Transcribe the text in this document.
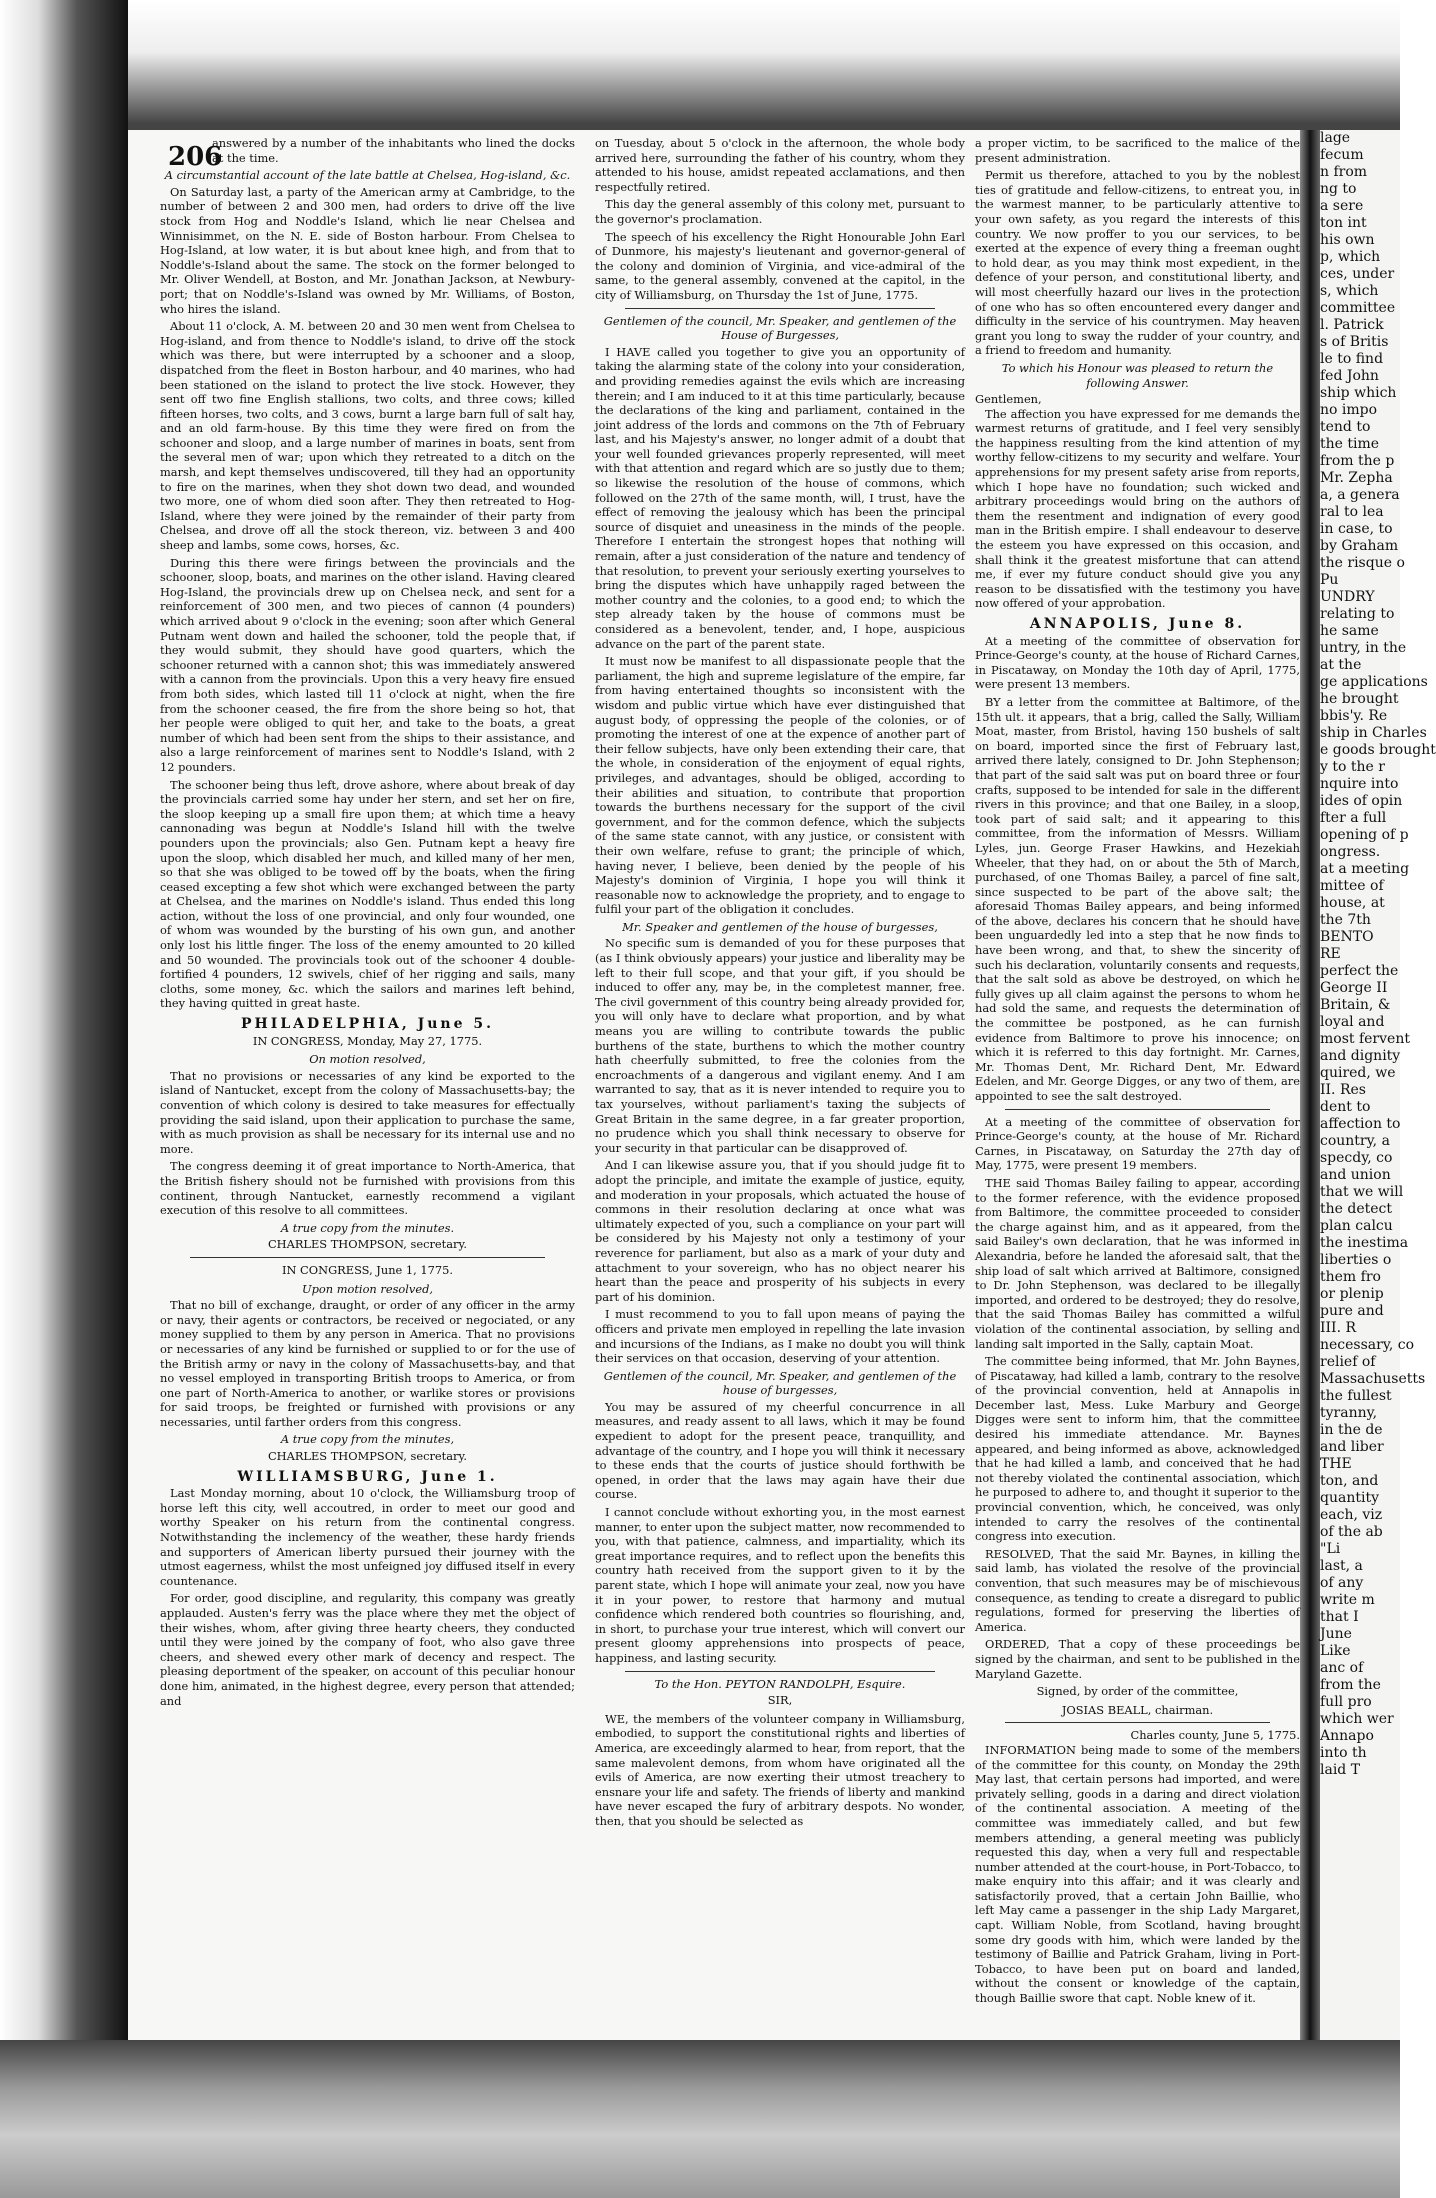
206

answered by a number of the inhabitants who lined the docks at the time.

A circumstantial account of the late battle at Chelsea, Hog-island, &c.

On Saturday last, a party of the American army at Cambridge, to the number of between 2 and 300 men, had orders to drive off the live stock from Hog and Noddle's Island, which lie near Chelsea and Winnisimmet, on the N. E. side of Boston harbour. From Chelsea to Hog-Island, at low water, it is but about knee high, and from that to Noddle's-Island about the same. The stock on the former belonged to Mr. Oliver Wendell, at Boston, and Mr. Jonathan Jackson, at Newbury-port; that on Noddle's-Island was owned by Mr. Williams, of Boston, who hires the island.

About 11 o'clock, A. M. between 20 and 30 men went from Chelsea to Hog-island, and from thence to Noddle's island, to drive off the stock which was there, but were interrupted by a schooner and a sloop, dispatched from the fleet in Boston harbour, and 40 marines, who had been stationed on the island to protect the live stock. However, they sent off two fine English stallions, two colts, and three cows; killed fifteen horses, two colts, and 3 cows, burnt a large barn full of salt hay, and an old farm-house. By this time they were fired on from the schooner and sloop, and a large number of marines in boats, sent from the several men of war; upon which they retreated to a ditch on the marsh, and kept themselves undiscovered, till they had an opportunity to fire on the marines, when they shot down two dead, and wounded two more, one of whom died soon after. They then retreated to Hog-Island, where they were joined by the remainder of their party from Chelsea, and drove off all the stock thereon, viz. between 3 and 400 sheep and lambs, some cows, horses, &c.

During this there were firings between the provincials and the schooner, sloop, boats, and marines on the other island. Having cleared Hog-Island, the provincials drew up on Chelsea neck, and sent for a reinforcement of 300 men, and two pieces of cannon (4 pounders) which arrived about 9 o'clock in the evening; soon after which General Putnam went down and hailed the schooner, told the people that, if they would submit, they should have good quarters, which the schooner returned with a cannon shot; this was immediately answered with a cannon from the provincials. Upon this a very heavy fire ensued from both sides, which lasted till 11 o'clock at night, when the fire from the schooner ceased, the fire from the shore being so hot, that her people were obliged to quit her, and take to the boats, a great number of which had been sent from the ships to their assistance, and also a large reinforcement of marines sent to Noddle's Island, with 2 12 pounders.

The schooner being thus left, drove ashore, where about break of day the provincials carried some hay under her stern, and set her on fire, the sloop keeping up a small fire upon them; at which time a heavy cannonading was begun at Noddle's Island hill with the twelve pounders upon the provincials; also Gen. Putnam kept a heavy fire upon the sloop, which disabled her much, and killed many of her men, so that she was obliged to be towed off by the boats, when the firing ceased excepting a few shot which were exchanged between the party at Chelsea, and the marines on Noddle's island. Thus ended this long action, without the loss of one provincial, and only four wounded, one of whom was wounded by the bursting of his own gun, and another only lost his little finger. The loss of the enemy amounted to 20 killed and 50 wounded. The provincials took out of the schooner 4 double-fortified 4 pounders, 12 swivels, chief of her rigging and sails, many cloths, some money, &c. which the sailors and marines left behind, they having quitted in great haste.

PHILADELPHIA, June 5.
IN CONGRESS, Monday, May 27, 1775.
On motion resolved,

That no provisions or necessaries of any kind be exported to the island of Nantucket, except from the colony of Massachusetts-bay; the convention of which colony is desired to take measures for effectually providing the said island, upon their application to purchase the same, with as much provision as shall be necessary for its internal use and no more.

The congress deeming it of great importance to North-America, that the British fishery should not be furnished with provisions from this continent, through Nantucket, earnestly recommend a vigilant execution of this resolve to all committees.

A true copy from the minutes.
CHARLES THOMPSON, secretary.
IN CONGRESS, June 1, 1775.
Upon motion resolved,

That no bill of exchange, draught, or order of any officer in the army or navy, their agents or contractors, be received or negociated, or any money supplied to them by any person in America. That no provisions or necessaries of any kind be furnished or supplied to or for the use of the British army or navy in the colony of Massachusetts-bay, and that no vessel employed in transporting British troops to America, or from one part of North-America to another, or warlike stores or provisions for said troops, be freighted or furnished with provisions or any necessaries, until farther orders from this congress.

A true copy from the minutes,
CHARLES THOMPSON, secretary.
WILLIAMSBURG, June 1.

Last Monday morning, about 10 o'clock, the Williamsburg troop of horse left this city, well accoutred, in order to meet our good and worthy Speaker on his return from the continental congress. Notwithstanding the inclemency of the weather, these hardy friends and supporters of American liberty pursued their journey with the utmost eagerness, whilst the most unfeigned joy diffused itself in every countenance.

For order, good discipline, and regularity, this company was greatly applauded. Austen's ferry was the place where they met the object of their wishes, whom, after giving three hearty cheers, they conducted until they were joined by the company of foot, who also gave three cheers, and shewed every other mark of decency and respect. The pleasing deportment of the speaker, on account of this peculiar honour done him, animated, in the highest degree, every person that attended; and

on Tuesday, about 5 o'clock in the afternoon, the whole body arrived here, surrounding the father of his country, whom they attended to his house, amidst repeated acclamations, and then respectfully retired.

This day the general assembly of this colony met, pursuant to the governor's proclamation.

The speech of his excellency the Right Honourable John Earl of Dunmore, his majesty's lieutenant and governor-general of the colony and dominion of Virginia, and vice-admiral of the same, to the general assembly, convened at the capitol, in the city of Williamsburg, on Thursday the 1st of June, 1775.

Gentlemen of the council, Mr. Speaker, and gentlemen of the House of Burgesses,

I HAVE called you together to give you an opportunity of taking the alarming state of the colony into your consideration, and providing remedies against the evils which are increasing therein; and I am induced to it at this time particularly, because the declarations of the king and parliament, contained in the joint address of the lords and commons on the 7th of February last, and his Majesty's answer, no longer admit of a doubt that your well founded grievances properly represented, will meet with that attention and regard which are so justly due to them; so likewise the resolution of the house of commons, which followed on the 27th of the same month, will, I trust, have the effect of removing the jealousy which has been the principal source of disquiet and uneasiness in the minds of the people. Therefore I entertain the strongest hopes that nothing will remain, after a just consideration of the nature and tendency of that resolution, to prevent your seriously exerting yourselves to bring the disputes which have unhappily raged between the mother country and the colonies, to a good end; to which the step already taken by the house of commons must be considered as a benevolent, tender, and, I hope, auspicious advance on the part of the parent state.

It must now be manifest to all dispassionate people that the parliament, the high and supreme legislature of the empire, far from having entertained thoughts so inconsistent with the wisdom and public virtue which have ever distinguished that august body, of oppressing the people of the colonies, or of promoting the interest of one at the expence of another part of their fellow subjects, have only been extending their care, that the whole, in consideration of the enjoyment of equal rights, privileges, and advantages, should be obliged, according to their abilities and situation, to contribute that proportion towards the burthens necessary for the support of the civil government, and for the common defence, which the subjects of the same state cannot, with any justice, or consistent with their own welfare, refuse to grant; the principle of which, having never, I believe, been denied by the people of his Majesty's dominion of Virginia, I hope you will think it reasonable now to acknowledge the propriety, and to engage to fulfil your part of the obligation it concludes.

Mr. Speaker and gentlemen of the house of burgesses,

No specific sum is demanded of you for these purposes that (as I think obviously appears) your justice and liberality may be left to their full scope, and that your gift, if you should be induced to offer any, may be, in the completest manner, free. The civil government of this country being already provided for, you will only have to declare what proportion, and by what means you are willing to contribute towards the public burthens of the state, burthens to which the mother country hath cheerfully submitted, to free the colonies from the encroachments of a dangerous and vigilant enemy. And I am warranted to say, that as it is never intended to require you to tax yourselves, without parliament's taxing the subjects of Great Britain in the same degree, in a far greater proportion, no prudence which you shall think necessary to observe for your security in that particular can be disapproved of.

And I can likewise assure you, that if you should judge fit to adopt the principle, and imitate the example of justice, equity, and moderation in your proposals, which actuated the house of commons in their resolution declaring at once what was ultimately expected of you, such a compliance on your part will be considered by his Majesty not only a testimony of your reverence for parliament, but also as a mark of your duty and attachment to your sovereign, who has no object nearer his heart than the peace and prosperity of his subjects in every part of his dominion.

I must recommend to you to fall upon means of paying the officers and private men employed in repelling the late invasion and incursions of the Indians, as I make no doubt you will think their services on that occasion, deserving of your attention.

Gentlemen of the council, Mr. Speaker, and gentlemen of the house of burgesses,

You may be assured of my cheerful concurrence in all measures, and ready assent to all laws, which it may be found expedient to adopt for the present peace, tranquillity, and advantage of the country, and I hope you will think it necessary to these ends that the courts of justice should forthwith be opened, in order that the laws may again have their due course.

I cannot conclude without exhorting you, in the most earnest manner, to enter upon the subject matter, now recommended to you, with that patience, calmness, and impartiality, which its great importance requires, and to reflect upon the benefits this country hath received from the support given to it by the parent state, which I hope will animate your zeal, now you have it in your power, to restore that harmony and mutual confidence which rendered both countries so flourishing, and, in short, to purchase your true interest, which will convert our present gloomy apprehensions into prospects of peace, happiness, and lasting security.

To the Hon. PEYTON RANDOLPH, Esquire.
SIR,

WE, the members of the volunteer company in Williamsburg, embodied, to support the constitutional rights and liberties of America, are exceedingly alarmed to hear, from report, that the same malevolent demons, from whom have originated all the evils of America, are now exerting their utmost treachery to ensnare your life and safety. The friends of liberty and mankind have never escaped the fury of arbitrary despots. No wonder, then, that you should be selected as

a proper victim, to be sacrificed to the malice of the present administration.

Permit us therefore, attached to you by the noblest ties of gratitude and fellow-citizens, to entreat you, in the warmest manner, to be particularly attentive to your own safety, as you regard the interests of this country. We now proffer to you our services, to be exerted at the expence of every thing a freeman ought to hold dear, as you may think most expedient, in the defence of your person, and constitutional liberty, and will most cheerfully hazard our lives in the protection of one who has so often encountered every danger and difficulty in the service of his countrymen. May heaven grant you long to sway the rudder of your country, and a friend to freedom and humanity.

To which his Honour was pleased to return the following Answer.
Gentlemen,

The affection you have expressed for me demands the warmest returns of gratitude, and I feel very sensibly the happiness resulting from the kind attention of my worthy fellow-citizens to my security and welfare. Your apprehensions for my present safety arise from reports, which I hope have no foundation; such wicked and arbitrary proceedings would bring on the authors of them the resentment and indignation of every good man in the British empire. I shall endeavour to deserve the esteem you have expressed on this occasion, and shall think it the greatest misfortune that can attend me, if ever my future conduct should give you any reason to be dissatisfied with the testimony you have now offered of your approbation.

ANNAPOLIS, June 8.

At a meeting of the committee of observation for Prince-George's county, at the house of Richard Carnes, in Piscataway, on Monday the 10th day of April, 1775, were present 13 members.

BY a letter from the committee at Baltimore, of the 15th ult. it appears, that a brig, called the Sally, William Moat, master, from Bristol, having 150 bushels of salt on board, imported since the first of February last, arrived there lately, consigned to Dr. John Stephenson; that part of the said salt was put on board three or four crafts, supposed to be intended for sale in the different rivers in this province; and that one Bailey, in a sloop, took part of said salt; and it appearing to this committee, from the information of Messrs. William Lyles, jun. George Fraser Hawkins, and Hezekiah Wheeler, that they had, on or about the 5th of March, purchased, of one Thomas Bailey, a parcel of fine salt, since suspected to be part of the above salt; the aforesaid Thomas Bailey appears, and being informed of the above, declares his concern that he should have been unguardedly led into a step that he now finds to have been wrong, and that, to shew the sincerity of such his declaration, voluntarily consents and requests, that the salt sold as above be destroyed, on which he fully gives up all claim against the persons to whom he had sold the same, and requests the determination of the committee be postponed, as he can furnish evidence from Baltimore to prove his innocence; on which it is referred to this day fortnight. Mr. Carnes, Mr. Thomas Dent, Mr. Richard Dent, Mr. Edward Edelen, and Mr. George Digges, or any two of them, are appointed to see the salt destroyed.

At a meeting of the committee of observation for Prince-George's county, at the house of Mr. Richard Carnes, in Piscataway, on Saturday the 27th day of May, 1775, were present 19 members.

THE said Thomas Bailey failing to appear, according to the former reference, with the evidence proposed from Baltimore, the committee proceeded to consider the charge against him, and as it appeared, from the said Bailey's own declaration, that he was informed in Alexandria, before he landed the aforesaid salt, that the ship load of salt which arrived at Baltimore, consigned to Dr. John Stephenson, was declared to be illegally imported, and ordered to be destroyed; they do resolve, that the said Thomas Bailey has committed a wilful violation of the continental association, by selling and landing salt imported in the Sally, captain Moat.

The committee being informed, that Mr. John Baynes, of Piscataway, had killed a lamb, contrary to the resolve of the provincial convention, held at Annapolis in December last, Mess. Luke Marbury and George Digges were sent to inform him, that the committee desired his immediate attendance. Mr. Baynes appeared, and being informed as above, acknowledged that he had killed a lamb, and conceived that he had not thereby violated the continental association, which he purposed to adhere to, and thought it superior to the provincial convention, which, he conceived, was only intended to carry the resolves of the continental congress into execution.

RESOLVED, That the said Mr. Baynes, in killing the said lamb, has violated the resolve of the provincial convention, that such measures may be of mischievous consequence, as tending to create a disregard to public regulations, formed for preserving the liberties of America.

ORDERED, That a copy of these proceedings be signed by the chairman, and sent to be published in the Maryland Gazette.

Signed, by order of the committee,
JOSIAS BEALL, chairman.
Charles county, June 5, 1775.

INFORMATION being made to some of the members of the committee for this county, on Monday the 29th May last, that certain persons had imported, and were privately selling, goods in a daring and direct violation of the continental association. A meeting of the committee was immediately called, and but few members attending, a general meeting was publicly requested this day, when a very full and respectable number attended at the court-house, in Port-Tobacco, to make enquiry into this affair; and it was clearly and satisfactorily proved, that a certain John Baillie, who left May came a passenger in the ship Lady Margaret, capt. William Noble, from Scotland, having brought some dry goods with him, which were landed by the testimony of Baillie and Patrick Graham, living in Port-Tobacco, to have been put on board and landed, without the consent or knowledge of the captain, though Baillie swore that capt. Noble knew of it.

lage
fecum
n from
ng to
a sere
ton int
his own
p, which
ces, under
s, which
committee
l. Patrick
s of Britis
le to find
fed John
ship which
no impo
tend to
the time
from the p
Mr. Zepha
a, a genera
ral to lea
in case, to
by Graham
the risque o
Pu
UNDRY
relating to
he same
untry, in the
at the
ge applications
he brought
bbis'y. Re
ship in Charles
e goods brought
y to the r
nquire into
ides of opin
fter a full
opening of p
ongress.
at a meeting
mittee of
house, at
the 7th
BENTO
RE
perfect the
George II
Britain, &
loyal and
most fervent
and dignity
quired, we
II. Res
dent to
affection to
country, a
specdy, co
and union
that we will
the detect
plan calcu
the inestima
liberties o
them fro
or plenip
pure and
III. R
necessary, co
relief of
Massachusetts
the fullest
tyranny,
in the de
and liber
THE
ton, and
quantity
each, viz
of the ab
"Li
last, a
of any
write m
that I
June
Like
anc of
from the
full pro
which wer
Annapo
into th
laid T
